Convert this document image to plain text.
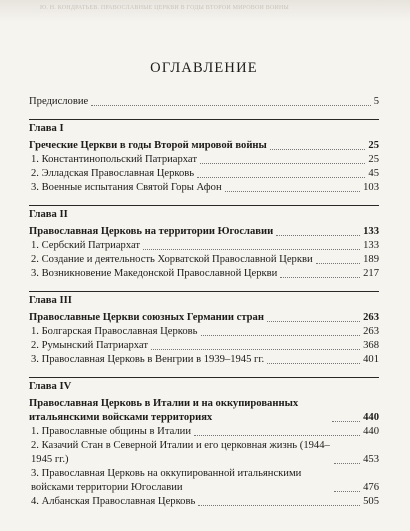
Ю. Н. КОНДРАТЬЕВ. ПРАВОСЛАВНЫЕ ЦЕРКВИ В ГОДЫ ВТОРОЙ МИРОВОЙ ВОЙНЫ
ОГЛАВЛЕНИЕ
Предисловие	5
Глава I
Греческие Церкви в годы Второй мировой войны	25
1. Константинопольский Патриархат	25
2. Элладская Православная Церковь	45
3. Военные испытания Святой Горы Афон	103
Глава II
Православная Церковь на территории Югославии	133
1. Сербский Патриархат	133
2. Создание и деятельность Хорватской Православной Церкви	189
3. Возникновение Македонской Православной Церкви	217
Глава III
Православные Церкви союзных Германии стран	263
1. Болгарская Православная Церковь	263
2. Румынский Патриархат	368
3. Православная Церковь в Венгрии в 1939–1945 гг.	401
Глава IV
Православная Церковь в Италии и на оккупированных итальянскими войсками территориях	440
1. Православные общины в Италии	440
2. Казачий Стан в Северной Италии и его церковная жизнь (1944–1945 гг.)	453
3. Православная Церковь на оккупированной итальянскими войсками территории Югославии	476
4. Албанская Православная Церковь	505
